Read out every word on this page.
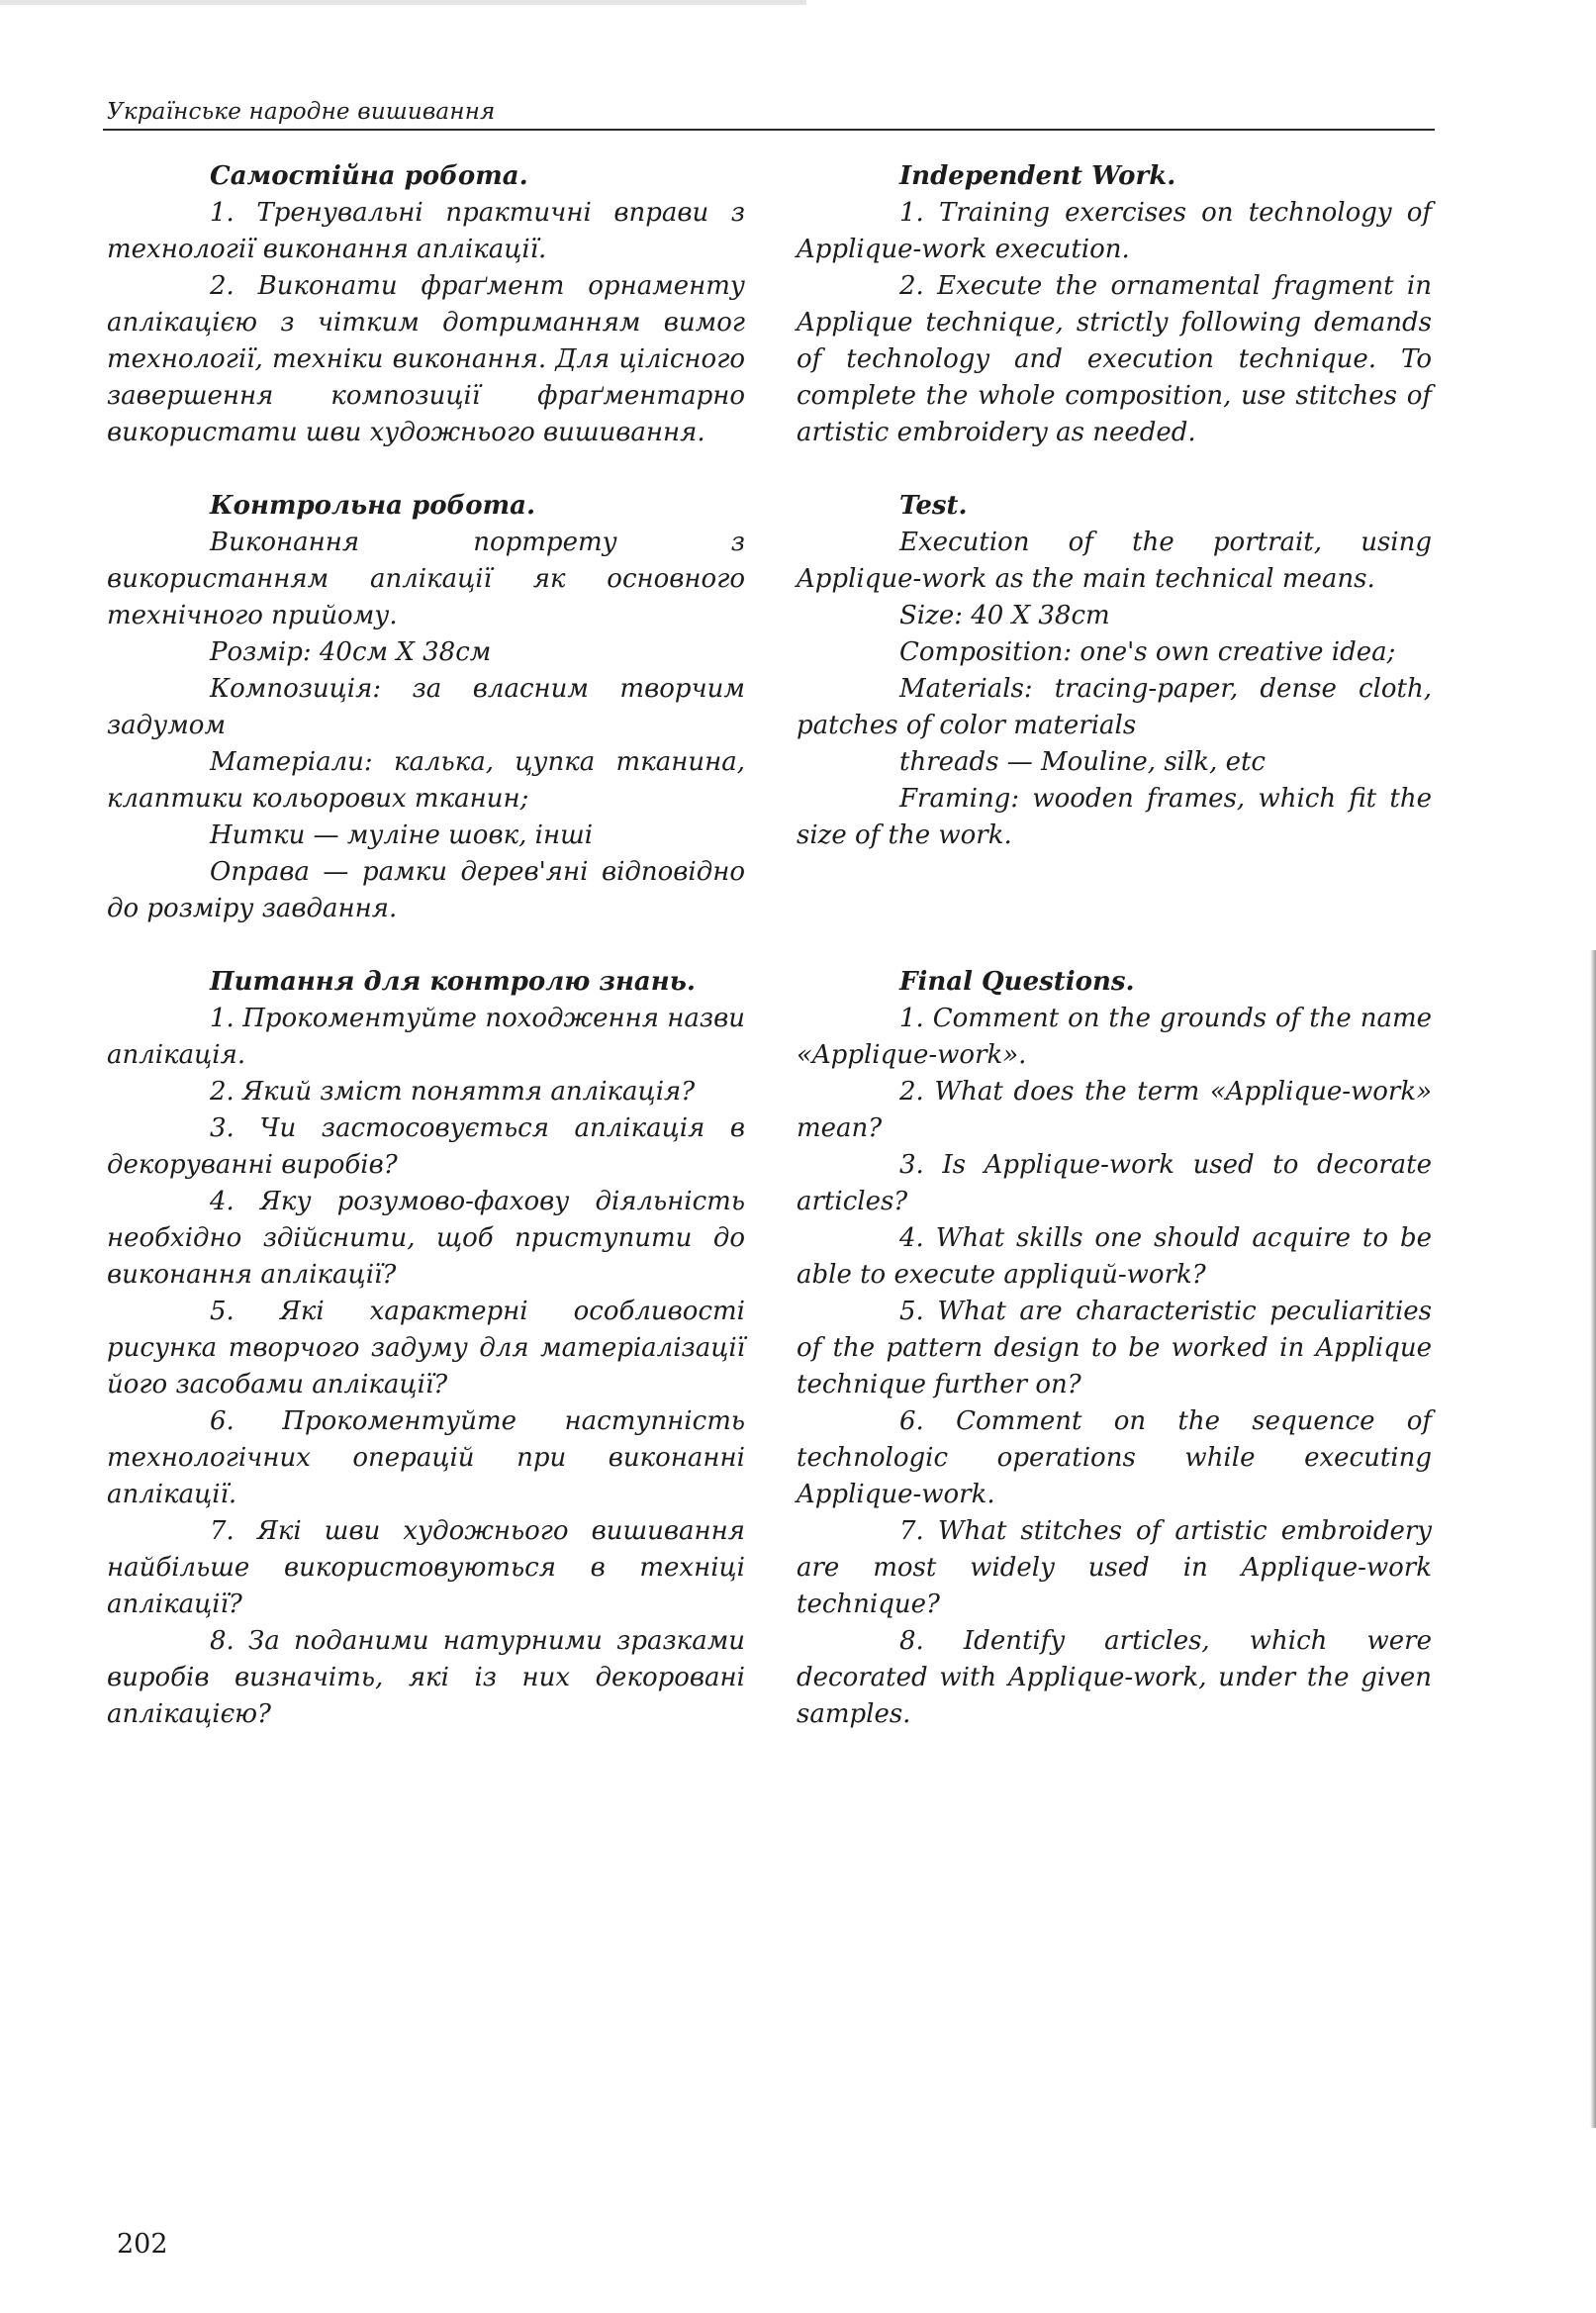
Українське народне вишивання

Самостійна робота.

1. Тренувальні практичні вправи з технології виконання аплікації.

2. Виконати фраґмент орнаменту аплікацією з чітким дотриманням вимог технології, техніки виконання. Для цілісного завершення композиції фраґментарно використати шви художнього вишивання.

Контрольна робота.

Виконання портрету з використанням аплікації як основного технічного прийому.

Розмір: 40см X 38см

Композиція: за власним творчим задумом

Матеріали: калька, цупка тканина, клаптики кольорових тканин;

Нитки — муліне шовк, інші

Оправа — рамки дерев'яні відповідно до розміру завдання.

Питання для контролю знань.

1. Прокоментуйте походження назви аплікація.

2. Який зміст поняття аплікація?

3. Чи застосовується аплікація в декоруванні виробів?

4. Яку розумово-фахову діяльність необхідно здійснити, щоб приступити до виконання аплікації?

5. Які характерні особливості рисунка творчого задуму для матеріалізації його засобами аплікації?

6. Прокоментуйте наступність технологічних операцій при виконанні аплікації.

7. Які шви художнього вишивання найбільше використовуються в техніці аплікації?

8. За поданими натурними зразками виробів визначіть, які із них декоровані аплікацією?

Independent Work.

1. Training exercises on technology of Applique-work execution.

2. Execute the ornamental fragment in Applique technique, strictly following demands of technology and execution technique. To complete the whole composition, use stitches of artistic embroidery as needed.

Test.

Execution of the portrait, using Applique-work as the main technical means.

Size: 40 X 38cm

Composition: one's own creative idea;

Materials: tracing-paper, dense cloth, patches of color materials

threads — Mouline, silk, etc

Framing: wooden frames, which fit the size of the work.

Final Questions.

1. Comment on the grounds of the name «Applique-work».

2. What does the term «Applique-work» mean?

3. Is Applique-work used to decorate articles?

4. What skills one should acquire to be able to execute appliquй-work?

5. What are characteristic peculiarities of the pattern design to be worked in Applique technique further on?

6. Comment on the sequence of technologic operations while executing Applique-work.

7. What stitches of artistic embroidery are most widely used in Applique-work technique?

8. Identify articles, which were decorated with Applique-work, under the given samples.

202
